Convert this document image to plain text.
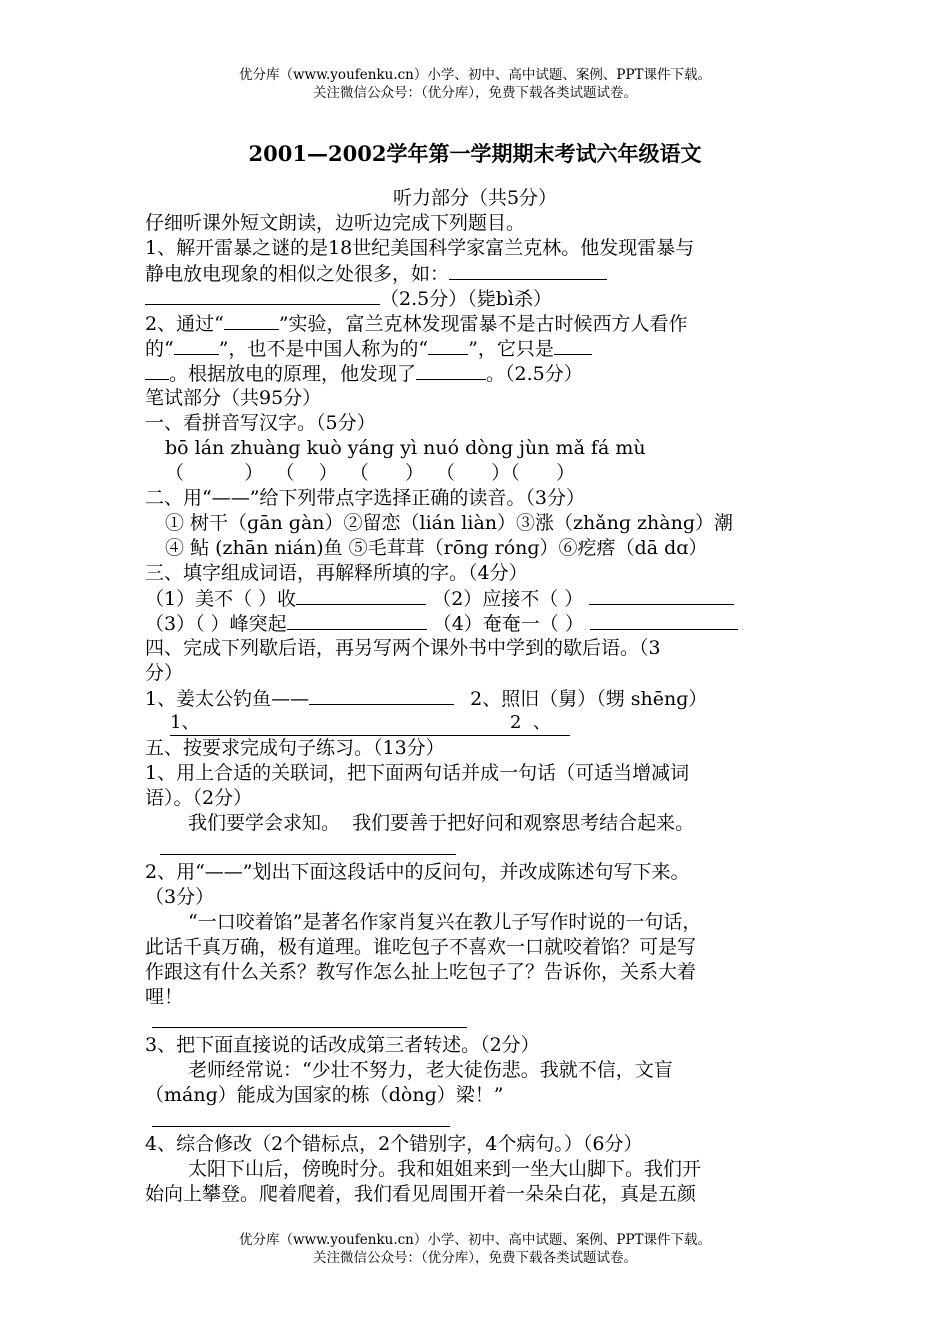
优分库（www.youfenku.cn）小学、初中、高中试题、案例、PPT课件下载。
关注微信公众号：（优分库），免费下载各类试题试卷。
2001—2002学年第一学期期末考试六年级语文
听力部分（共5分）
仔细听课外短文朗读，边听边完成下列题目。
1、解开雷暴之谜的是18世纪美国科学家富兰克林。他发现雷暴与
静电放电现象的相似之处很多，如：
（2.5分）（毙bì杀）
2、通过“	”实验，富兰克林发现雷暴不是古时候西方人看作
的“ ”，也不是中国人称为的“ ”，它只是
。根据放电的原理，他发现了	。（2.5分）
笔试部分（共95分）
一、看拼音写汉字。（5分）
bō lán zhuànɡ kuò yánɡ yì nuó dònɡ jùn mǎ fá mù
（          ）  （    ）  （      ）  （      ）（      ）
二、用“——”给下列带点字选择正确的读音。（3分）
① 树干（ɡān ɡàn）②留恋（lián liàn）③涨（zhǎnɡ zhànɡ）潮
④ 鲇 (zhān nián)鱼 ⑤毛茸茸（rōnɡ rónɡ）⑥疙瘩（dā dɑ）
三、填字组成词语，再解释所填的字。（4分）
（1）美不（ ）收	（2）应接不（ ）
（3）（ ）峰突起	（4）奄奄一（ ）
四、完成下列歇后语，再另写两个课外书中学到的歇后语。（3
分）
1、姜太公钓鱼——	2、照旧（舅）（甥 shēnɡ）
1、	2  、
五、按要求完成句子练习。（13分）
1、用上合适的关联词，把下面两句话并成一句话（可适当增减词
语）。（2分）
我们要学会求知。  我们要善于把好问和观察思考结合起来。
2、用“——”划出下面这段话中的反问句，并改成陈述句写下来。
（3分）
“一口咬着馅”是著名作家肖复兴在教儿子写作时说的一句话，
此话千真万确，极有道理。谁吃包子不喜欢一口就咬着馅？可是写
作跟这有什么关系？教写作怎么扯上吃包子了？告诉你，关系大着
哩！
3、把下面直接说的话改成第三者转述。（2分）
老师经常说：“少壮不努力，老大徒伤悲。我就不信，文盲
（mánɡ）能成为国家的栋（dònɡ）梁！”
4、综合修改（2个错标点，2个错别字，4个病句。）（6分）
太阳下山后，傍晚时分。我和姐姐来到一坐大山脚下。我们开
始向上攀登。爬着爬着，我们看见周围开着一朵朵白花，真是五颜
优分库（www.youfenku.cn）小学、初中、高中试题、案例、PPT课件下载。
关注微信公众号：（优分库），免费下载各类试题试卷。
